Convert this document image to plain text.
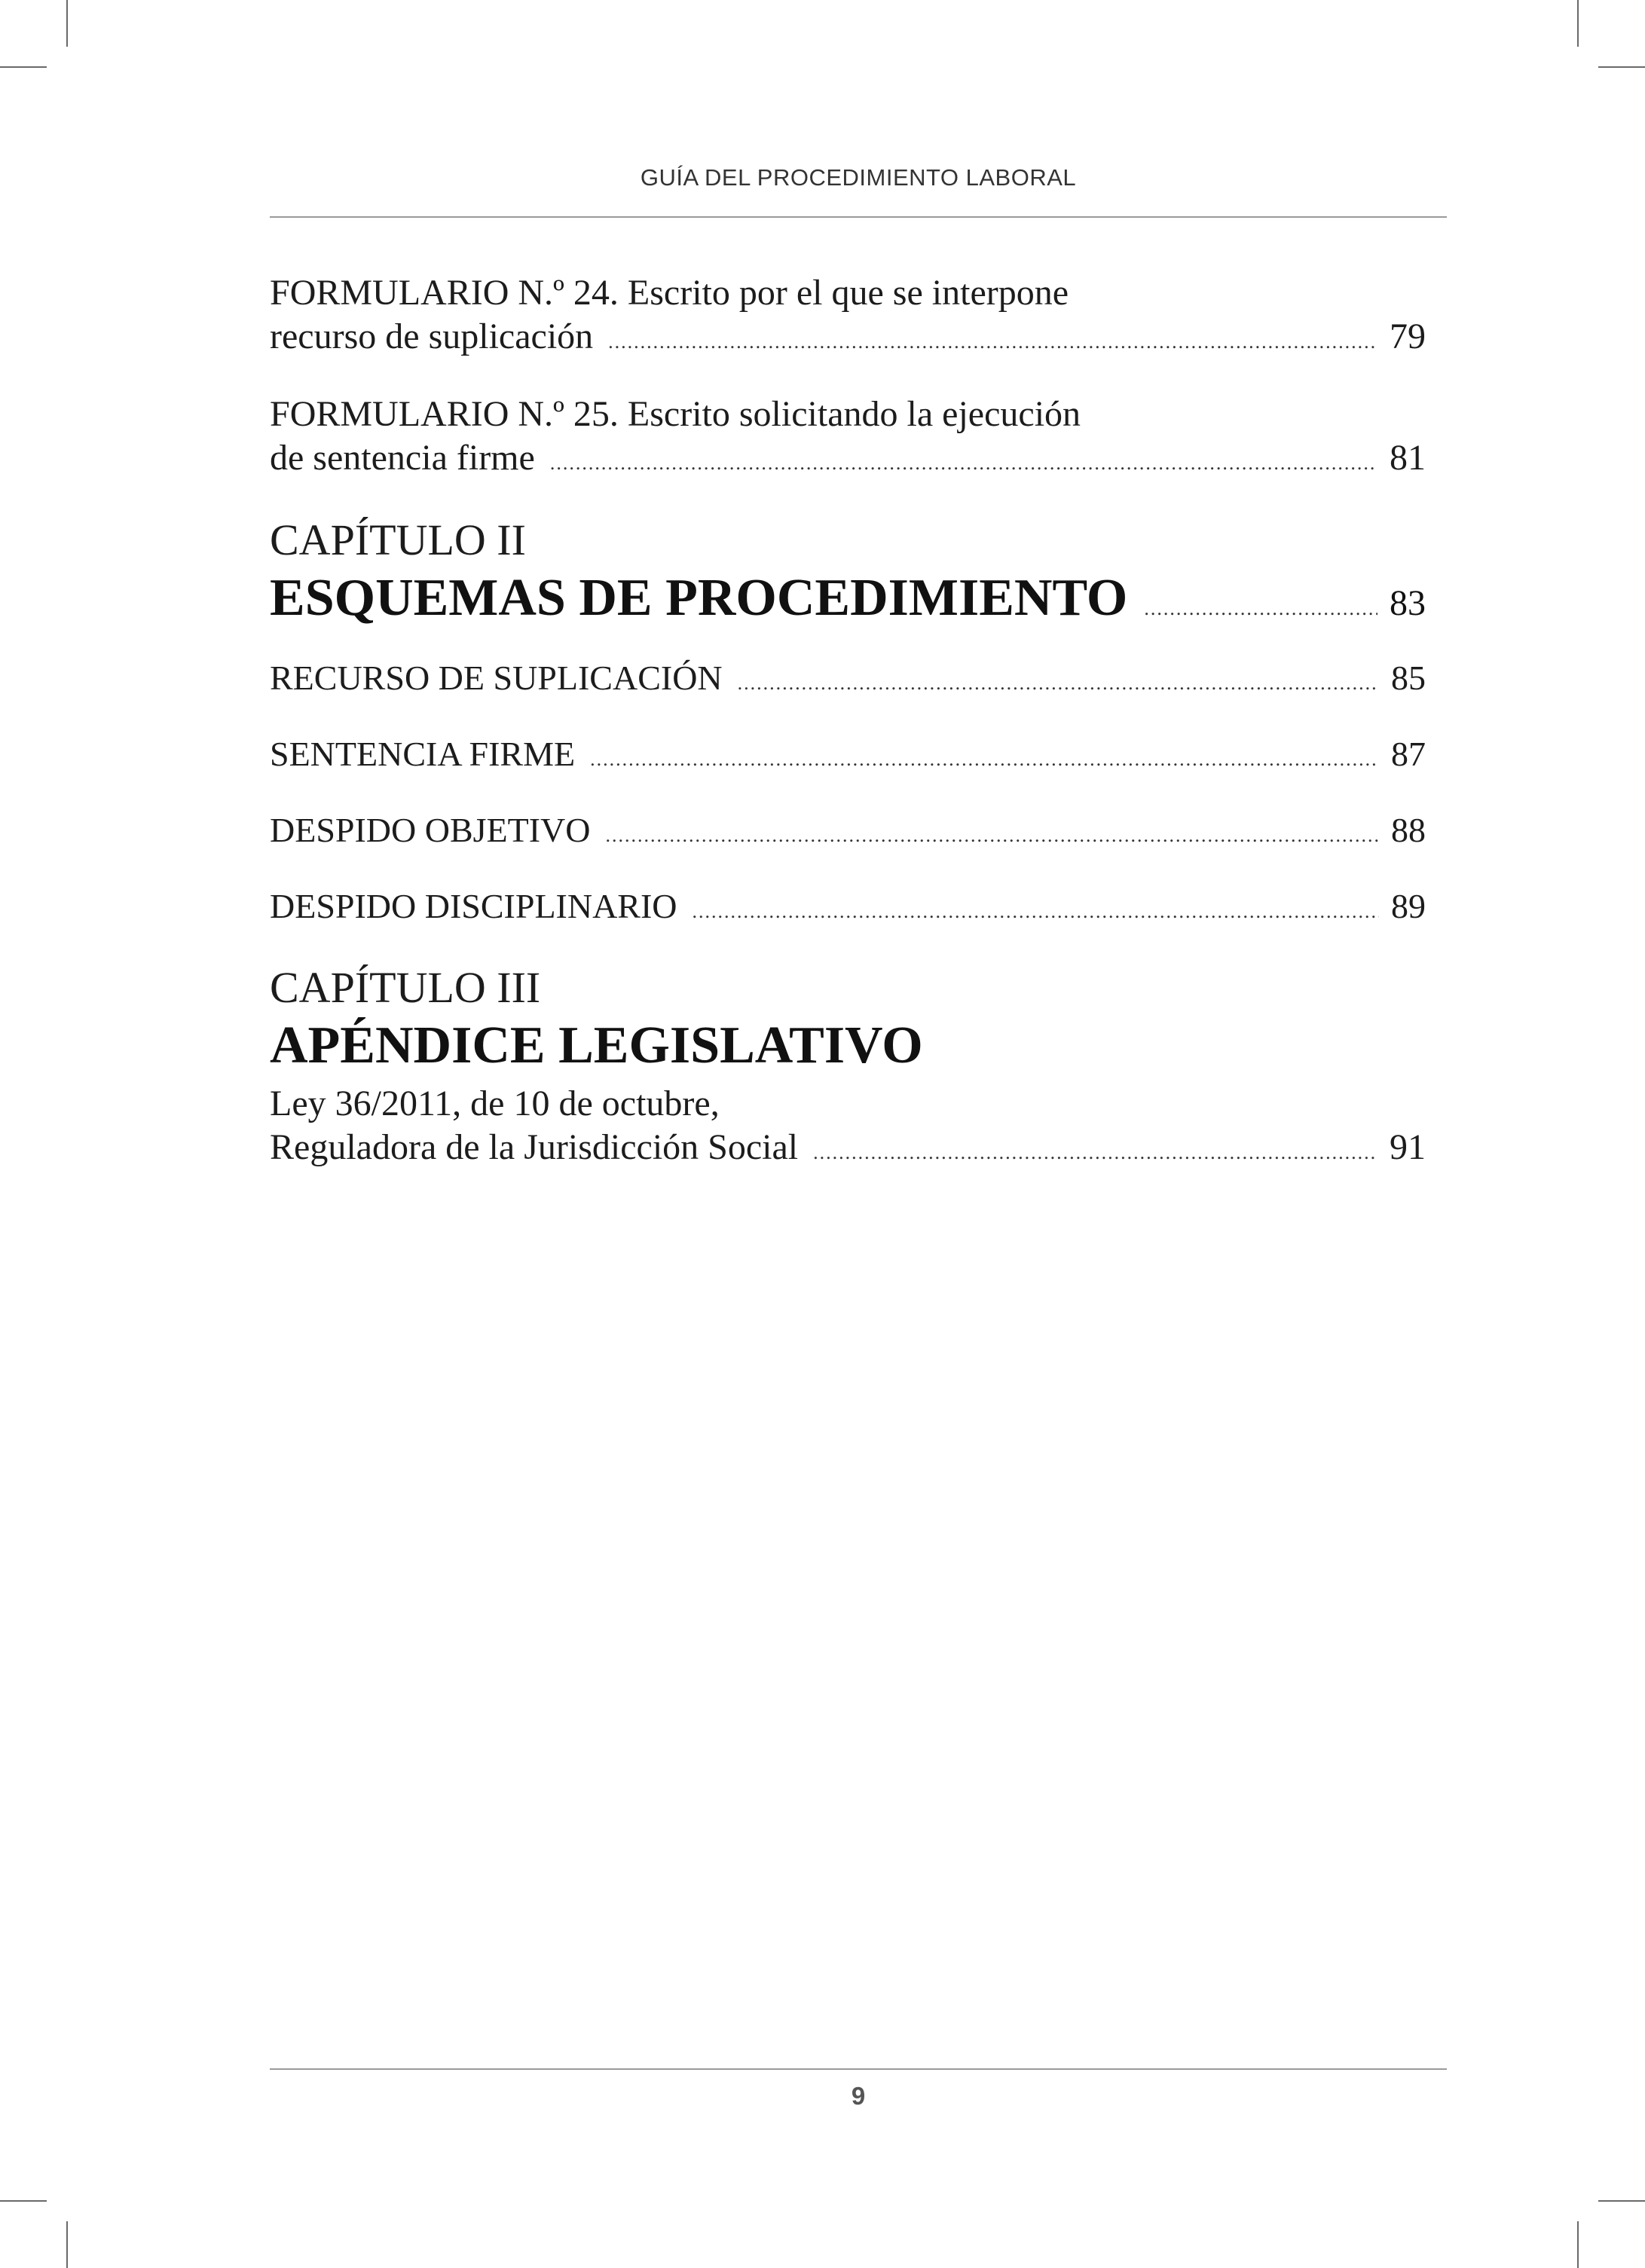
GUÍA DEL PROCEDIMIENTO LABORAL
FORMULARIO N.º 24. Escrito por el que se interpone
recurso de suplicación .....	79
FORMULARIO N.º 25. Escrito solicitando la ejecución
de sentencia firme .....	81
CAPÍTULO II
ESQUEMAS DE PROCEDIMIENTO .....	83
RECURSO DE SUPLICACIÓN .....	85
SENTENCIA FIRME .....	87
DESPIDO OBJETIVO .....	88
DESPIDO DISCIPLINARIO .....	89
CAPÍTULO III
APÉNDICE LEGISLATIVO
Ley 36/2011, de 10 de octubre,
Reguladora de la Jurisdicción Social .....	91
9
